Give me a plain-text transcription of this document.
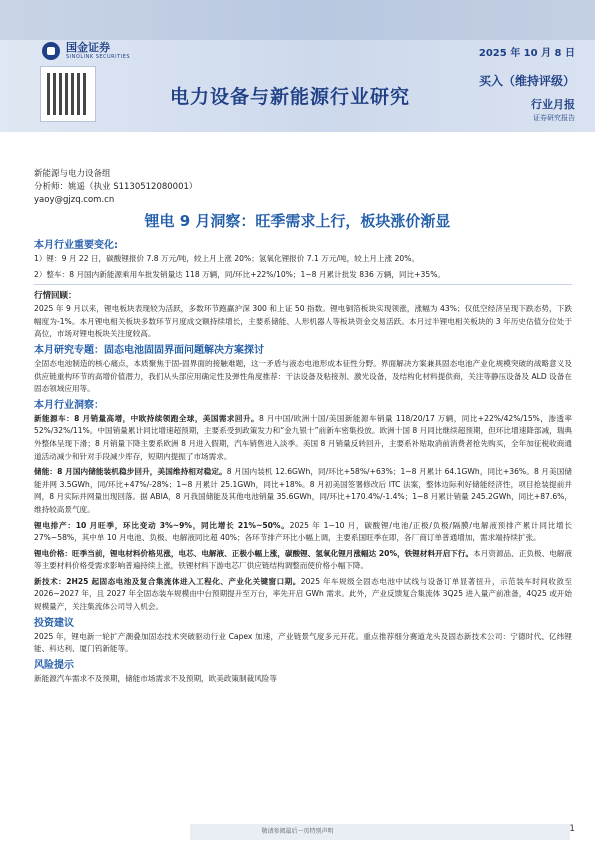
国金证券
SINOLINK SECURITIES
电力设备与新能源行业研究
2025 年 10 月 8 日
买入（维持评级）
行业月报
证券研究报告
新能源与电力设备组
分析师：姚遥（执业 S1130512080001）
yaoy@gjzq.com.cn
锂电 9 月洞察：旺季需求上行，板块涨价渐显
本月行业重要变化:

1）锂：9 月 22 日，碳酸锂报价 7.8 万元/吨，较上月上涨 20%；氢氧化锂报价 7.1 万元/吨，较上月上涨 20%。

2）整车：8 月国内新能源乘用车批发销量达 118 万辆，同/环比+22%/10%；1~8 月累计批发 836 万辆，同比+35%。

行情回顾：

2025 年 9 月以来，锂电板块表现较为活跃，多数环节跑赢沪深 300 和上证 50 指数。锂电铜箔板块实现领涨，涨幅为 43%；仅低空经济呈现下跌态势，下跌幅度为-1%。本月锂电相关板块多数环节月度成交额持续增长，主要系储能、人形机器人等板块资金交易活跃。本月过半锂电相关板块的 3 年历史估值分位处于高位，市场对锂电板块关注度较高。

本月研究专题：固态电池固固界面问题解决方案探讨

全固态电池制造的核心痛点，本质聚焦于固-固界面的接触难题，这一矛盾与液态电池形成本征性分野。界面解决方案兼具固态电池产业化规模突破的战略意义及供应链重构环节的高增价值潜力，我们从头部应用确定性及弹性角度推荐：干法设备及粘接剂、激光设备，及结构化材料提供商，关注等静压设备及 ALD 设备在固态领域应用等。

本月行业洞察：

新能源车：8 月销量高增，中欧持续领跑全球，美国需求回升。8 月中国/欧洲十国/美国新能源车销量 118/20/17 万辆，同比+22%/42%/15%，渗透率 52%/32%/11%。中国销量累计同比增速超预期，主要系受到政策发力和“金九银十”前新车密集投放。欧洲十国 8 月同比继续超预期，但环比增速降部减，瑞典外整体呈现下滑；8 月销量下降主要系欧洲 8 月进入假期，汽车销售进入淡季。美国 8 月销量反转回升，主要系补贴取消前消费者抢先购买，全年加征税收商通道活动减少和针对手段减少库存，短期内提振了市场需求。

储能：8 月国内储能装机稳步回升，美国维持相对稳定。8 月国内装机 12.6GWh，同/环比+58%/+63%；1~8 月累计 64.1GWh，同比+36%。8 月美国储能并网 3.5GWh，同/环比+47%/-28%；1~8 月累计 25.1GWh，同比+18%。8 月初美国签署修改后 ITC 法案，整体边际利好储能经济性，项目抢装提前并网，8 月实际并网量出现回落。据 ABIA，8 月我国储能及其他电池销量 35.6GWh，同/环比+170.4%/-1.4%；1~8 月累计销量 245.2GWh，同比+87.6%，维持较高景气度。

锂电排产：10 月旺季，环比变动 3%~9%，同比增长 21%~50%。2025 年 1~10 月，碳酸锂/电池/正极/负极/隔膜/电解液预排产累计同比增长 27%~58%，其中单 10 月电池、负极、电解液同比超 40%；各环节排产环比小幅上调，主要系国旺季在即，各厂商订单普通增加，需求端持续扩张。

锂电价格：旺季当前，锂电材料价格见涨，电芯、电解液、正极小幅上涨，碳酸锂、氢氧化锂月涨幅达 20%，铁锂材料开启下行。本月资源品、正负极、电解液等主要材料价格受需求影响普遍持续上涨，铁锂材料下游电芯厂供应链结构调整而使价格小幅下降。

新技术：2H25 起固态电池及复合集流体进入工程化、产业化关键窗口期。2025 年车规级全固态电池中试线与设备订单显著扭升，示范装车时间收敛至 2026~2027 年，且 2027 年全固态装车规模由中台预期提升至万台，率先开启 GWh 需求。此外，产业反馈复合集流体 3Q25 进入量产前准备，4Q25 或开始规模量产，关注集流体公司导入机会。

投资建议

2025 年，锂电新一轮扩产潮叠加固态技术突破驱动行业 Capex 加速，产业链景气度多元开花。重点推荐细分赛道龙头及固态新技术公司：宁德时代、亿纬锂能、科达利、厦门钨新能等。

风险提示

新能源汽车需求不及预期，储能市场需求不及预期，欧美政策制裁风险等

敬请参阅最后一页特别声明	1
